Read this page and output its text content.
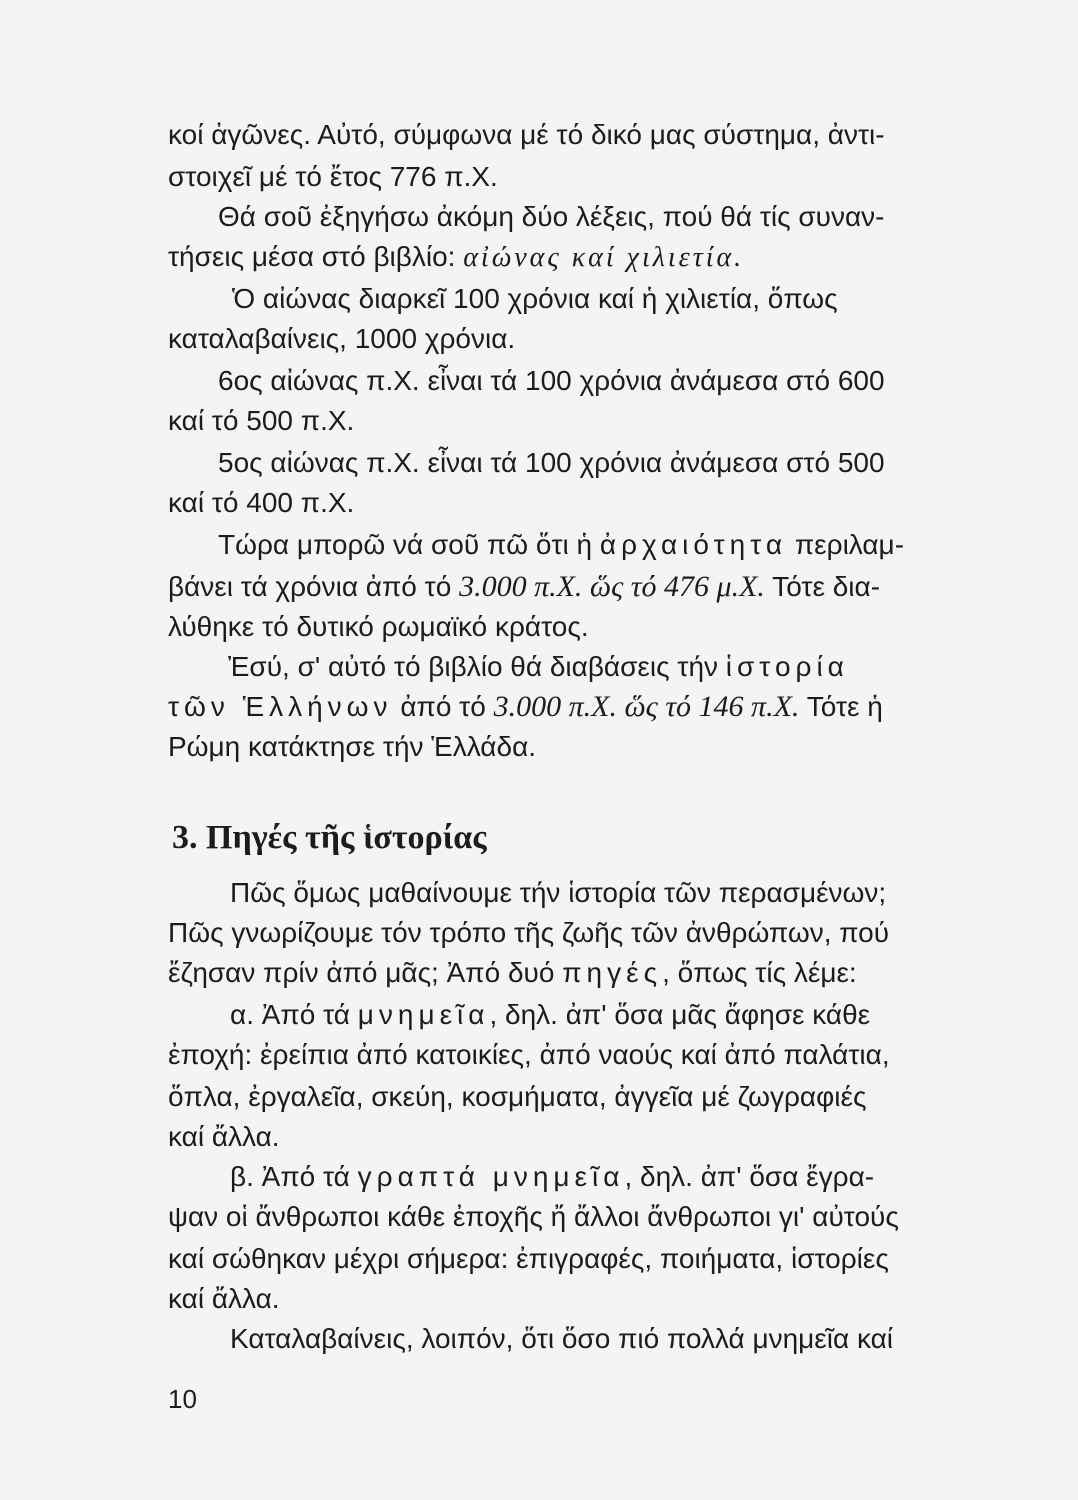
κοί ἀγῶνες. Αὐτό, σύμφωνα μέ τό δικό μας σύστημα, ἀντι-
στοιχεῖ μέ τό ἔτος 776 π.Χ.
Θά σοῦ ἐξηγήσω ἀκόμη δύο λέξεις, πού θά τίς συναν-
τήσεις μέσα στό βιβλίο: αἰώνας καί χιλιετία.
Ὁ αἰώνας διαρκεῖ 100 χρόνια καί ἡ χιλιετία, ὅπως
καταλαβαίνεις, 1000 χρόνια.
6ος αἰώνας π.Χ. εἶναι τά 100 χρόνια ἀνάμεσα στό 600
καί τό 500 π.Χ.
5ος αἰώνας π.Χ. εἶναι τά 100 χρόνια ἀνάμεσα στό 500
καί τό 400 π.Χ.
Τώρα μπορῶ νά σοῦ πῶ ὅτι ἡ ἀρχαιότητα περιλαμ-
βάνει τά χρόνια ἀπό τό 3.000 π.Χ. ὥς τό 476 μ.Χ. Τότε δια-
λύθηκε τό δυτικό ρωμαϊκό κράτος.
Ἐσύ, σ' αὐτό τό βιβλίο θά διαβάσεις τήν ἱστορία
τῶν Ἑλλήνων ἀπό τό 3.000 π.Χ. ὥς τό 146 π.Χ. Τότε ἡ
Ρώμη κατάκτησε τήν Ἑλλάδα.
3. Πηγές τῆς ἱστορίας
Πῶς ὅμως μαθαίνουμε τήν ἱστορία τῶν περασμένων;
Πῶς γνωρίζουμε τόν τρόπο τῆς ζωῆς τῶν ἀνθρώπων, πού
ἔζησαν πρίν ἀπό μᾶς; Ἀπό δυό πηγές, ὅπως τίς λέμε:
α. Ἀπό τά μνημεῖα, δηλ. ἀπ' ὅσα μᾶς ἄφησε κάθε
ἐποχή: ἐρείπια ἀπό κατοικίες, ἀπό ναούς καί ἀπό παλάτια,
ὅπλα, ἐργαλεῖα, σκεύη, κοσμήματα, ἀγγεῖα μέ ζωγραφιές
καί ἄλλα.
β. Ἀπό τά γραπτά μνημεῖα, δηλ. ἀπ' ὅσα ἔγρα-
ψαν οἱ ἄνθρωποι κάθε ἐποχῆς ἤ ἄλλοι ἄνθρωποι γι' αὐτούς
καί σώθηκαν μέχρι σήμερα: ἐπιγραφές, ποιήματα, ἱστορίες
καί ἄλλα.
Καταλαβαίνεις, λοιπόν, ὅτι ὅσο πιό πολλά μνημεῖα καί
10
